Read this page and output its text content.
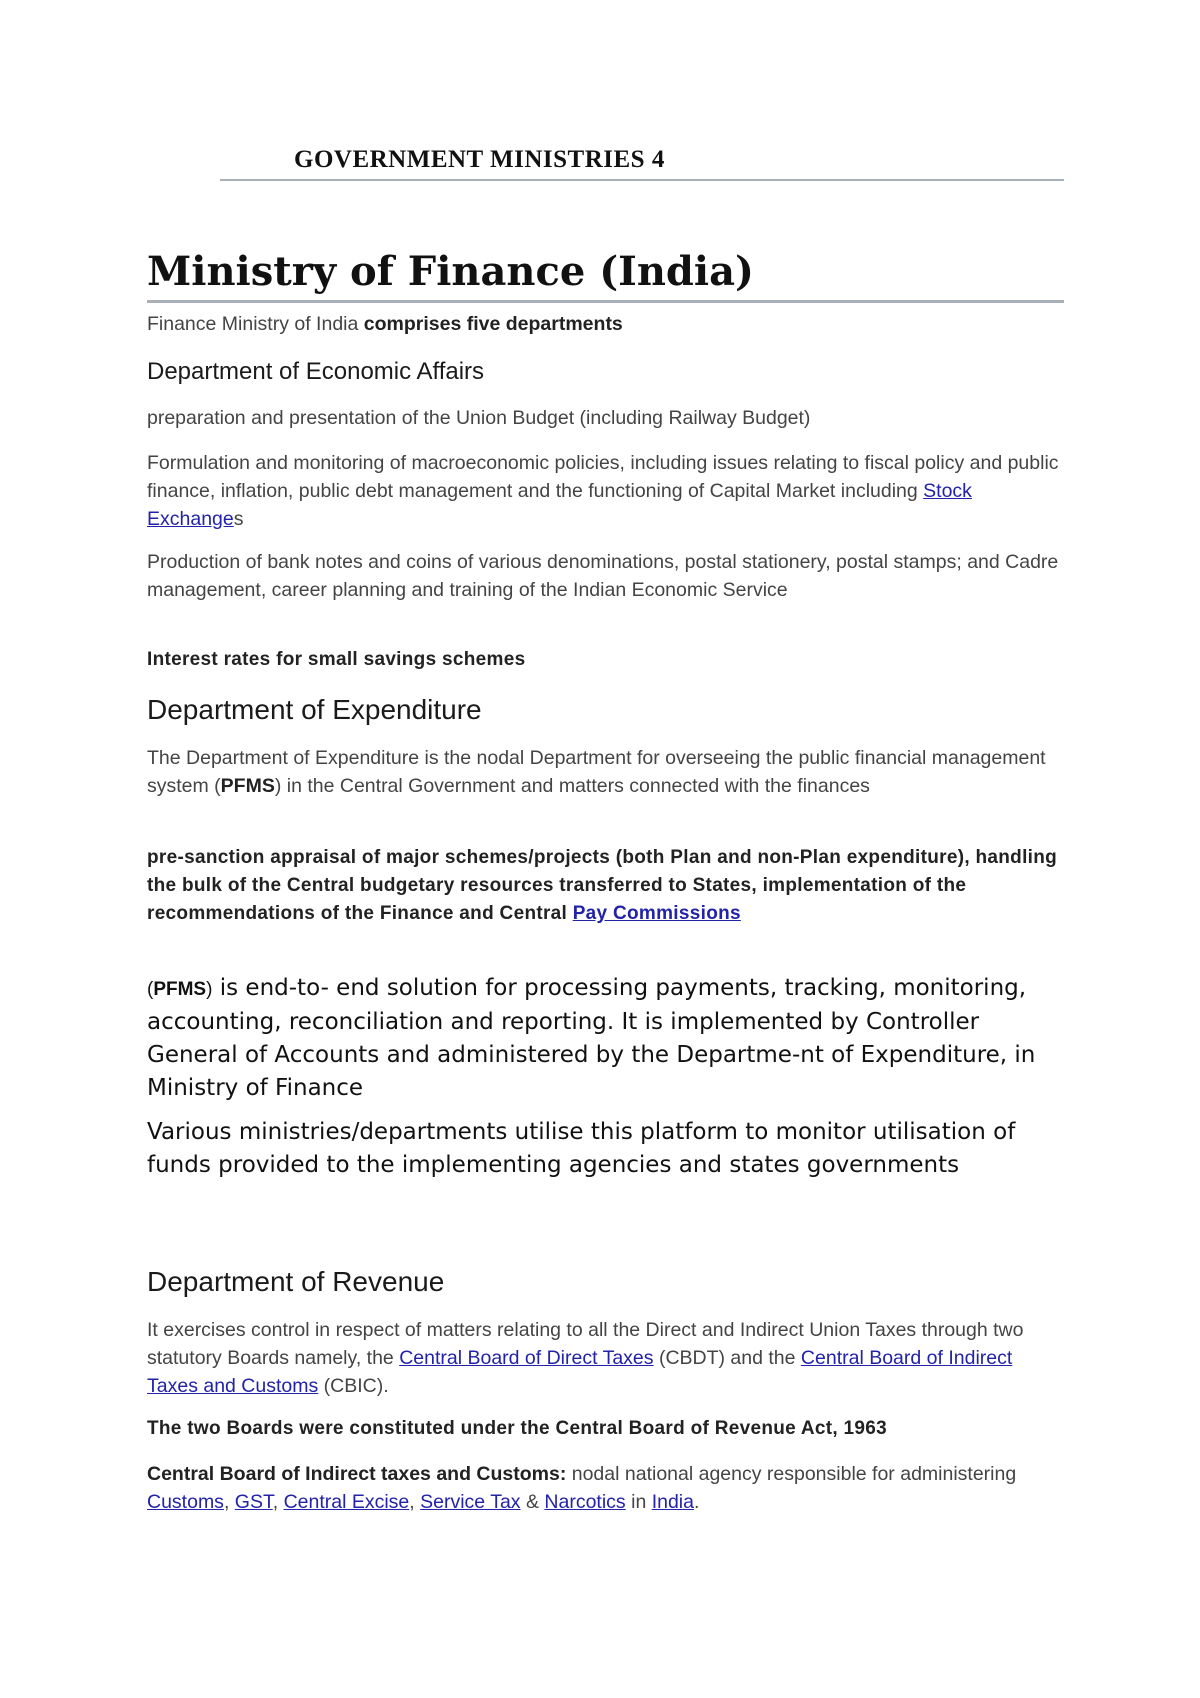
GOVERNMENT MINISTRIES 4
Ministry of Finance (India)

Finance Ministry of India comprises five departments

Department of Economic Affairs

preparation and presentation of the Union Budget (including Railway Budget)

Formulation and monitoring of macroeconomic policies, including issues relating to fiscal policy and public finance, inflation, public debt management and the functioning of Capital Market including Stock Exchanges

Production of bank notes and coins of various denominations, postal stationery, postal stamps; and Cadre management, career planning and training of the Indian Economic Service

Interest rates for small savings schemes

Department of Expenditure

The Department of Expenditure is the nodal Department for overseeing the public financial management system (PFMS) in the Central Government and matters connected with the finances

pre-sanction appraisal of major schemes/projects (both Plan and non-Plan expenditure), handling the bulk of the Central budgetary resources transferred to States, implementation of the recommendations of the Finance and Central Pay Commissions

(PFMS) is end-to- end solution for processing payments, tracking, monitoring, accounting, reconciliation and reporting. It is implemented by Controller General of Accounts and administered by the Departme-nt of Expenditure, in Ministry of Finance

Various ministries/departments utilise this platform to monitor utilisation of funds provided to the implementing agencies and states governments

Department of Revenue

It exercises control in respect of matters relating to all the Direct and Indirect Union Taxes through two statutory Boards namely, the Central Board of Direct Taxes (CBDT) and the Central Board of Indirect Taxes and Customs (CBIC).

The two Boards were constituted under the Central Board of Revenue Act, 1963

Central Board of Indirect taxes and Customs: nodal national agency responsible for administering Customs, GST, Central Excise, Service Tax & Narcotics in India.
